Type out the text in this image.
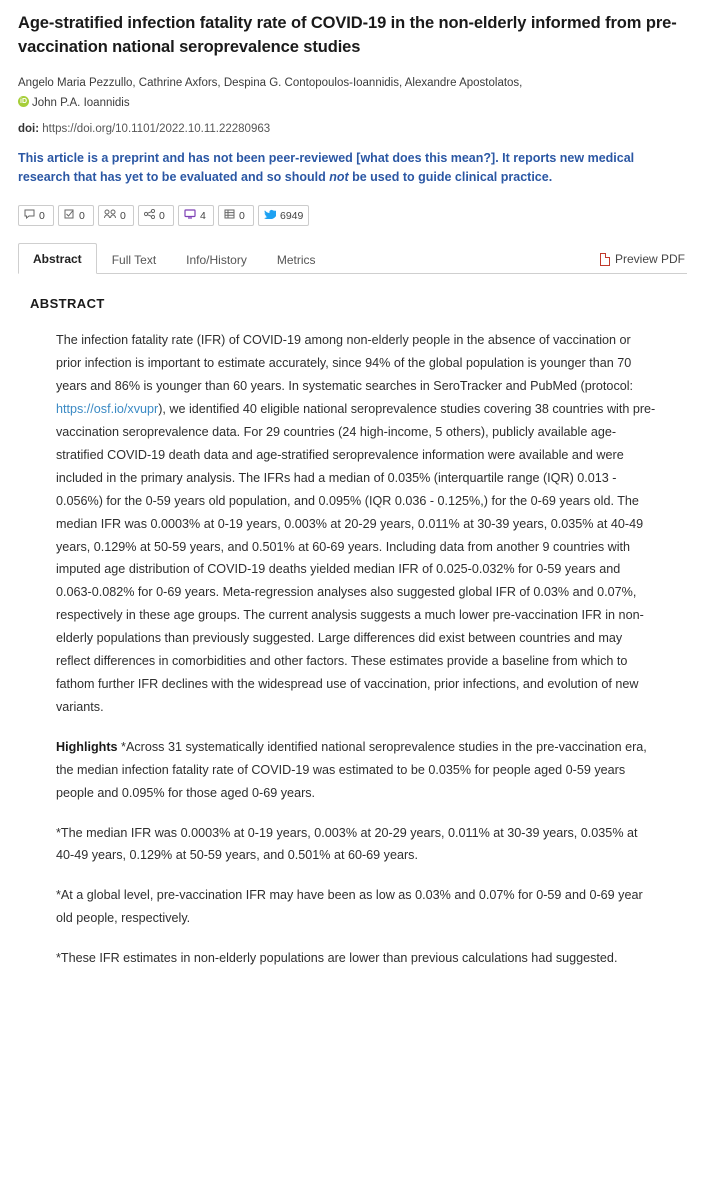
Age-stratified infection fatality rate of COVID-19 in the non-elderly informed from pre-vaccination national seroprevalence studies
Angelo Maria Pezzullo, Cathrine Axfors, Despina G. Contopoulos-Ioannidis, Alexandre Apostolatos,
iDJohn P.A. Ioannidis
doi: https://doi.org/10.1101/2022.10.11.22280963
This article is a preprint and has not been peer-reviewed [what does this mean?]. It reports new medical research that has yet to be evaluated and so should not be used to guide clinical practice.
0	0	0	0	4	0	6949
Abstract	Full Text	Info/History	Metrics	Preview PDF
ABSTRACT

The infection fatality rate (IFR) of COVID-19 among non-elderly people in the absence of vaccination or prior infection is important to estimate accurately, since 94% of the global population is younger than 70 years and 86% is younger than 60 years. In systematic searches in SeroTracker and PubMed (protocol: https://osf.io/xvupr), we identified 40 eligible national seroprevalence studies covering 38 countries with pre-vaccination seroprevalence data. For 29 countries (24 high-income, 5 others), publicly available age-stratified COVID-19 death data and age-stratified seroprevalence information were available and were included in the primary analysis. The IFRs had a median of 0.035% (interquartile range (IQR) 0.013 - 0.056%) for the 0-59 years old population, and 0.095% (IQR 0.036 - 0.125%,) for the 0-69 years old. The median IFR was 0.0003% at 0-19 years, 0.003% at 20-29 years, 0.011% at 30-39 years, 0.035% at 40-49 years, 0.129% at 50-59 years, and 0.501% at 60-69 years. Including data from another 9 countries with imputed age distribution of COVID-19 deaths yielded median IFR of 0.025-0.032% for 0-59 years and 0.063-0.082% for 0-69 years. Meta-regression analyses also suggested global IFR of 0.03% and 0.07%, respectively in these age groups. The current analysis suggests a much lower pre-vaccination IFR in non-elderly populations than previously suggested. Large differences did exist between countries and may reflect differences in comorbidities and other factors. These estimates provide a baseline from which to fathom further IFR declines with the widespread use of vaccination, prior infections, and evolution of new variants.

Highlights *Across 31 systematically identified national seroprevalence studies in the pre-vaccination era, the median infection fatality rate of COVID-19 was estimated to be 0.035% for people aged 0-59 years people and 0.095% for those aged 0-69 years.

*The median IFR was 0.0003% at 0-19 years, 0.003% at 20-29 years, 0.011% at 30-39 years, 0.035% at 40-49 years, 0.129% at 50-59 years, and 0.501% at 60-69 years.

*At a global level, pre-vaccination IFR may have been as low as 0.03% and 0.07% for 0-59 and 0-69 year old people, respectively.

*These IFR estimates in non-elderly populations are lower than previous calculations had suggested.
